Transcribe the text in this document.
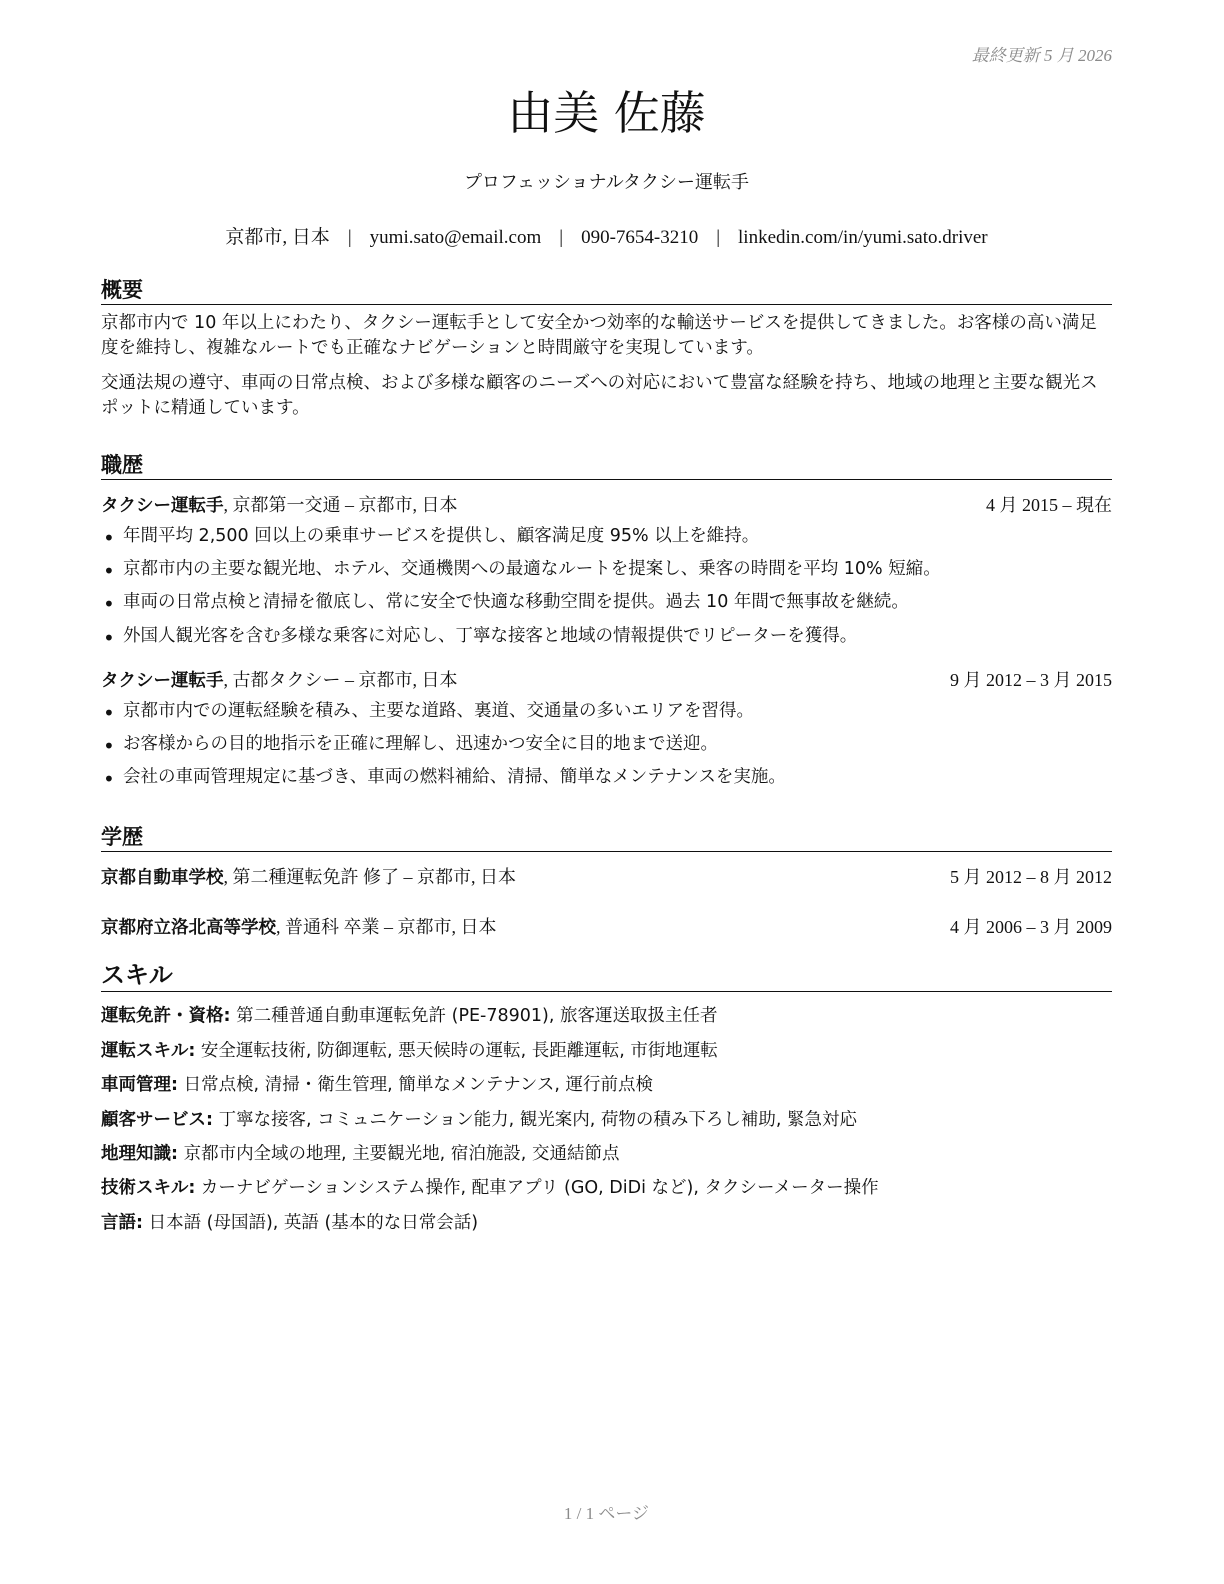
最終更新 5 月 2026
由美 佐藤
プロフェッショナルタクシー運転手
京都市, 日本 | yumi.sato@email.com | 090-7654-3210 | linkedin.com/in/yumi.sato.driver
概要

京都市内で 10 年以上にわたり、タクシー運転手として安全かつ効率的な輸送サービスを提供してきました。お客様の高い満足度を維持し、複雑なルートでも正確なナビゲーションと時間厳守を実現しています。

交通法規の遵守、車両の日常点検、および多様な顧客のニーズへの対応において豊富な経験を持ち、地域の地理と主要な観光スポットに精通しています。

職歴
タクシー運転手, 京都第一交通 – 京都市, 日本	4 月 2015 – 現在
• 年間平均 2,500 回以上の乗車サービスを提供し、顧客満足度 95% 以上を維持。
• 京都市内の主要な観光地、ホテル、交通機関への最適なルートを提案し、乗客の時間を平均 10% 短縮。
• 車両の日常点検と清掃を徹底し、常に安全で快適な移動空間を提供。過去 10 年間で無事故を継続。
• 外国人観光客を含む多様な乗客に対応し、丁寧な接客と地域の情報提供でリピーターを獲得。
タクシー運転手, 古都タクシー – 京都市, 日本	9 月 2012 – 3 月 2015
• 京都市内での運転経験を積み、主要な道路、裏道、交通量の多いエリアを習得。
• お客様からの目的地指示を正確に理解し、迅速かつ安全に目的地まで送迎。
• 会社の車両管理規定に基づき、車両の燃料補給、清掃、簡単なメンテナンスを実施。
学歴
京都自動車学校, 第二種運転免許 修了 – 京都市, 日本	5 月 2012 – 8 月 2012
京都府立洛北高等学校, 普通科 卒業 – 京都市, 日本	4 月 2006 – 3 月 2009
スキル
運転免許・資格: 第二種普通自動車運転免許 (PE-78901), 旅客運送取扱主任者
運転スキル: 安全運転技術, 防御運転, 悪天候時の運転, 長距離運転, 市街地運転
車両管理: 日常点検, 清掃・衛生管理, 簡単なメンテナンス, 運行前点検
顧客サービス: 丁寧な接客, コミュニケーション能力, 観光案内, 荷物の積み下ろし補助, 緊急対応
地理知識: 京都市内全域の地理, 主要観光地, 宿泊施設, 交通結節点
技術スキル: カーナビゲーションシステム操作, 配車アプリ (GO, DiDi など), タクシーメーター操作
言語: 日本語 (母国語), 英語 (基本的な日常会話)
1 / 1 ページ
